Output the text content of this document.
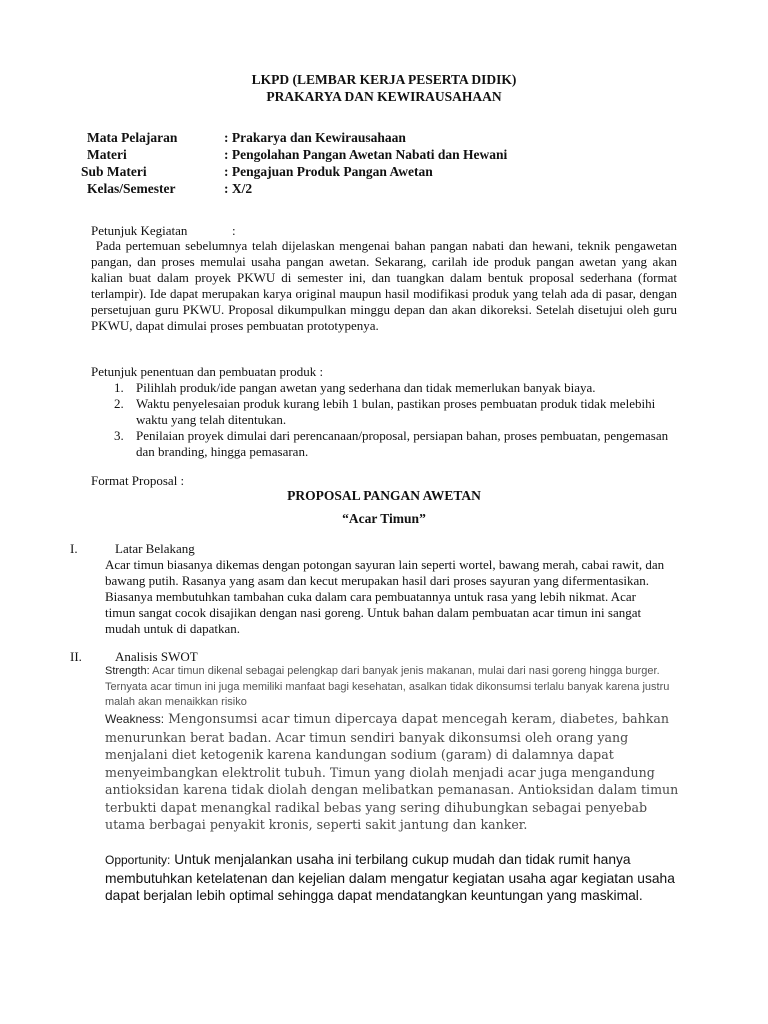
LKPD (LEMBAR KERJA PESERTA DIDIK)
PRAKARYA DAN KEWIRAUSAHAAN
Mata Pelajaran	: Prakarya dan Kewirausahaan
Materi	: Pengolahan Pangan Awetan Nabati dan Hewani
Sub Materi	: Pengajuan Produk Pangan Awetan
Kelas/Semester	: X/2
Petunjuk Kegiatan	:
Pada pertemuan sebelumnya telah dijelaskan mengenai bahan pangan nabati dan hewani, teknik pengawetan pangan, dan proses memulai usaha pangan awetan. Sekarang, carilah ide produk pangan awetan yang akan kalian buat dalam proyek PKWU di semester ini, dan tuangkan dalam bentuk proposal sederhana (format terlampir). Ide dapat merupakan karya original maupun hasil modifikasi produk yang telah ada di pasar, dengan persetujuan guru PKWU. Proposal dikumpulkan minggu depan dan akan dikoreksi. Setelah disetujui oleh guru PKWU, dapat dimulai proses pembuatan prototypenya.
Petunjuk penentuan dan pembuatan produk :
1. Pilihlah produk/ide pangan awetan yang sederhana dan tidak memerlukan banyak biaya.
2. Waktu penyelesaian produk kurang lebih 1 bulan, pastikan proses pembuatan produk tidak melebihi waktu yang telah ditentukan.
3. Penilaian proyek dimulai dari perencanaan/proposal, persiapan bahan, proses pembuatan, pengemasan dan branding, hingga pemasaran.
Format Proposal :
PROPOSAL PANGAN AWETAN
“Acar Timun”
I.	Latar Belakang
Acar timun biasanya dikemas dengan potongan sayuran lain seperti wortel, bawang merah, cabai rawit, dan bawang putih. Rasanya yang asam dan kecut merupakan hasil dari proses sayuran yang difermentasikan. Biasanya membutuhkan tambahan cuka dalam cara pembuatannya untuk rasa yang lebih nikmat. Acar timun sangat cocok disajikan dengan nasi goreng. Untuk bahan dalam pembuatan acar timun ini sangat mudah untuk di dapatkan.
II.	Analisis SWOT
Strength: Acar timun dikenal sebagai pelengkap dari banyak jenis makanan, mulai dari nasi goreng hingga burger. Ternyata acar timun ini juga memiliki manfaat bagi kesehatan, asalkan tidak dikonsumsi terlalu banyak karena justru malah akan menaikkan risiko
Weakness: Mengonsumsi acar timun dipercaya dapat mencegah keram, diabetes, bahkan menurunkan berat badan. Acar timun sendiri banyak dikonsumsi oleh orang yang menjalani diet ketogenik karena kandungan sodium (garam) di dalamnya dapat menyeimbangkan elektrolit tubuh. Timun yang diolah menjadi acar juga mengandung antioksidan karena tidak diolah dengan melibatkan pemanasan. Antioksidan dalam timun terbukti dapat menangkal radikal bebas yang sering dihubungkan sebagai penyebab utama berbagai penyakit kronis, seperti sakit jantung dan kanker.
Opportunity: Untuk menjalankan usaha ini terbilang cukup mudah dan tidak rumit hanya membutuhkan ketelatenan dan kejelian dalam mengatur kegiatan usaha agar kegiatan usaha dapat berjalan lebih optimal sehingga dapat mendatangkan keuntungan yang maskimal.
